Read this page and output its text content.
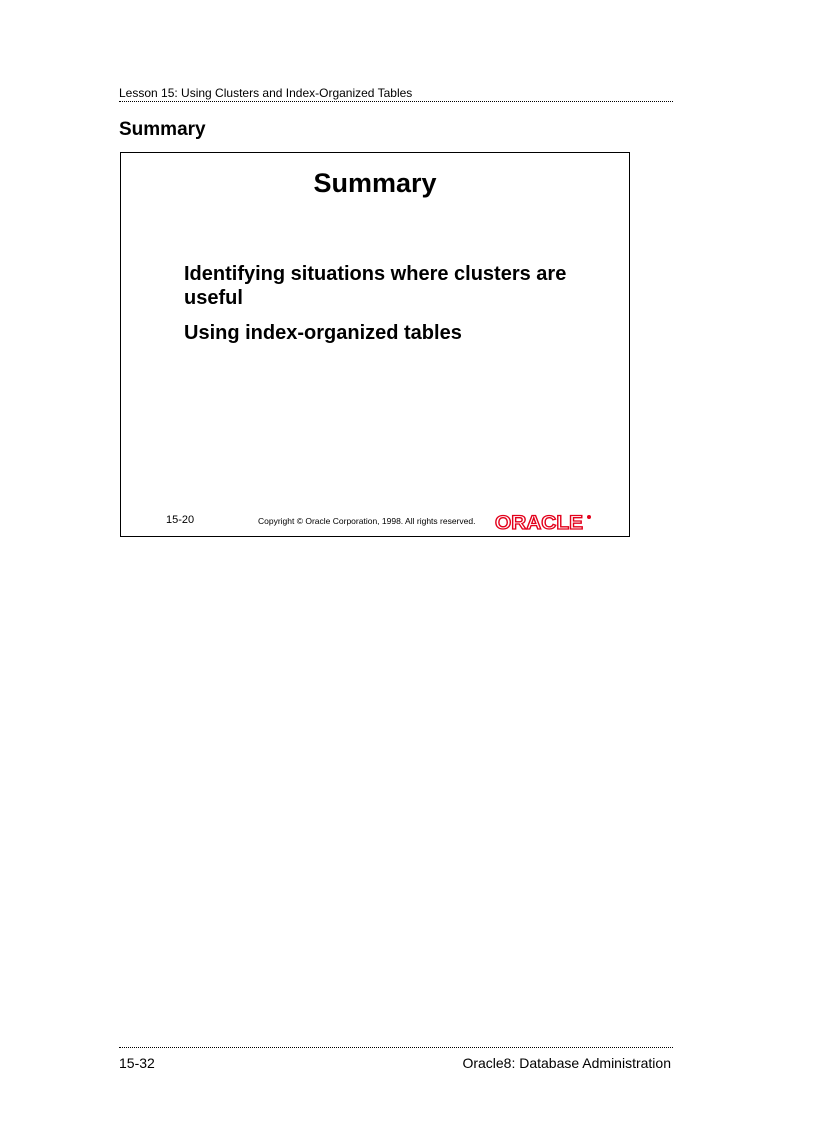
Lesson 15: Using Clusters and Index-Organized Tables
Summary
Summary
Identifying situations where clusters are useful
Using index-organized tables
15-20	Copyright © Oracle Corporation, 1998. All rights reserved. ORACLE
15-32	Oracle8: Database Administration
